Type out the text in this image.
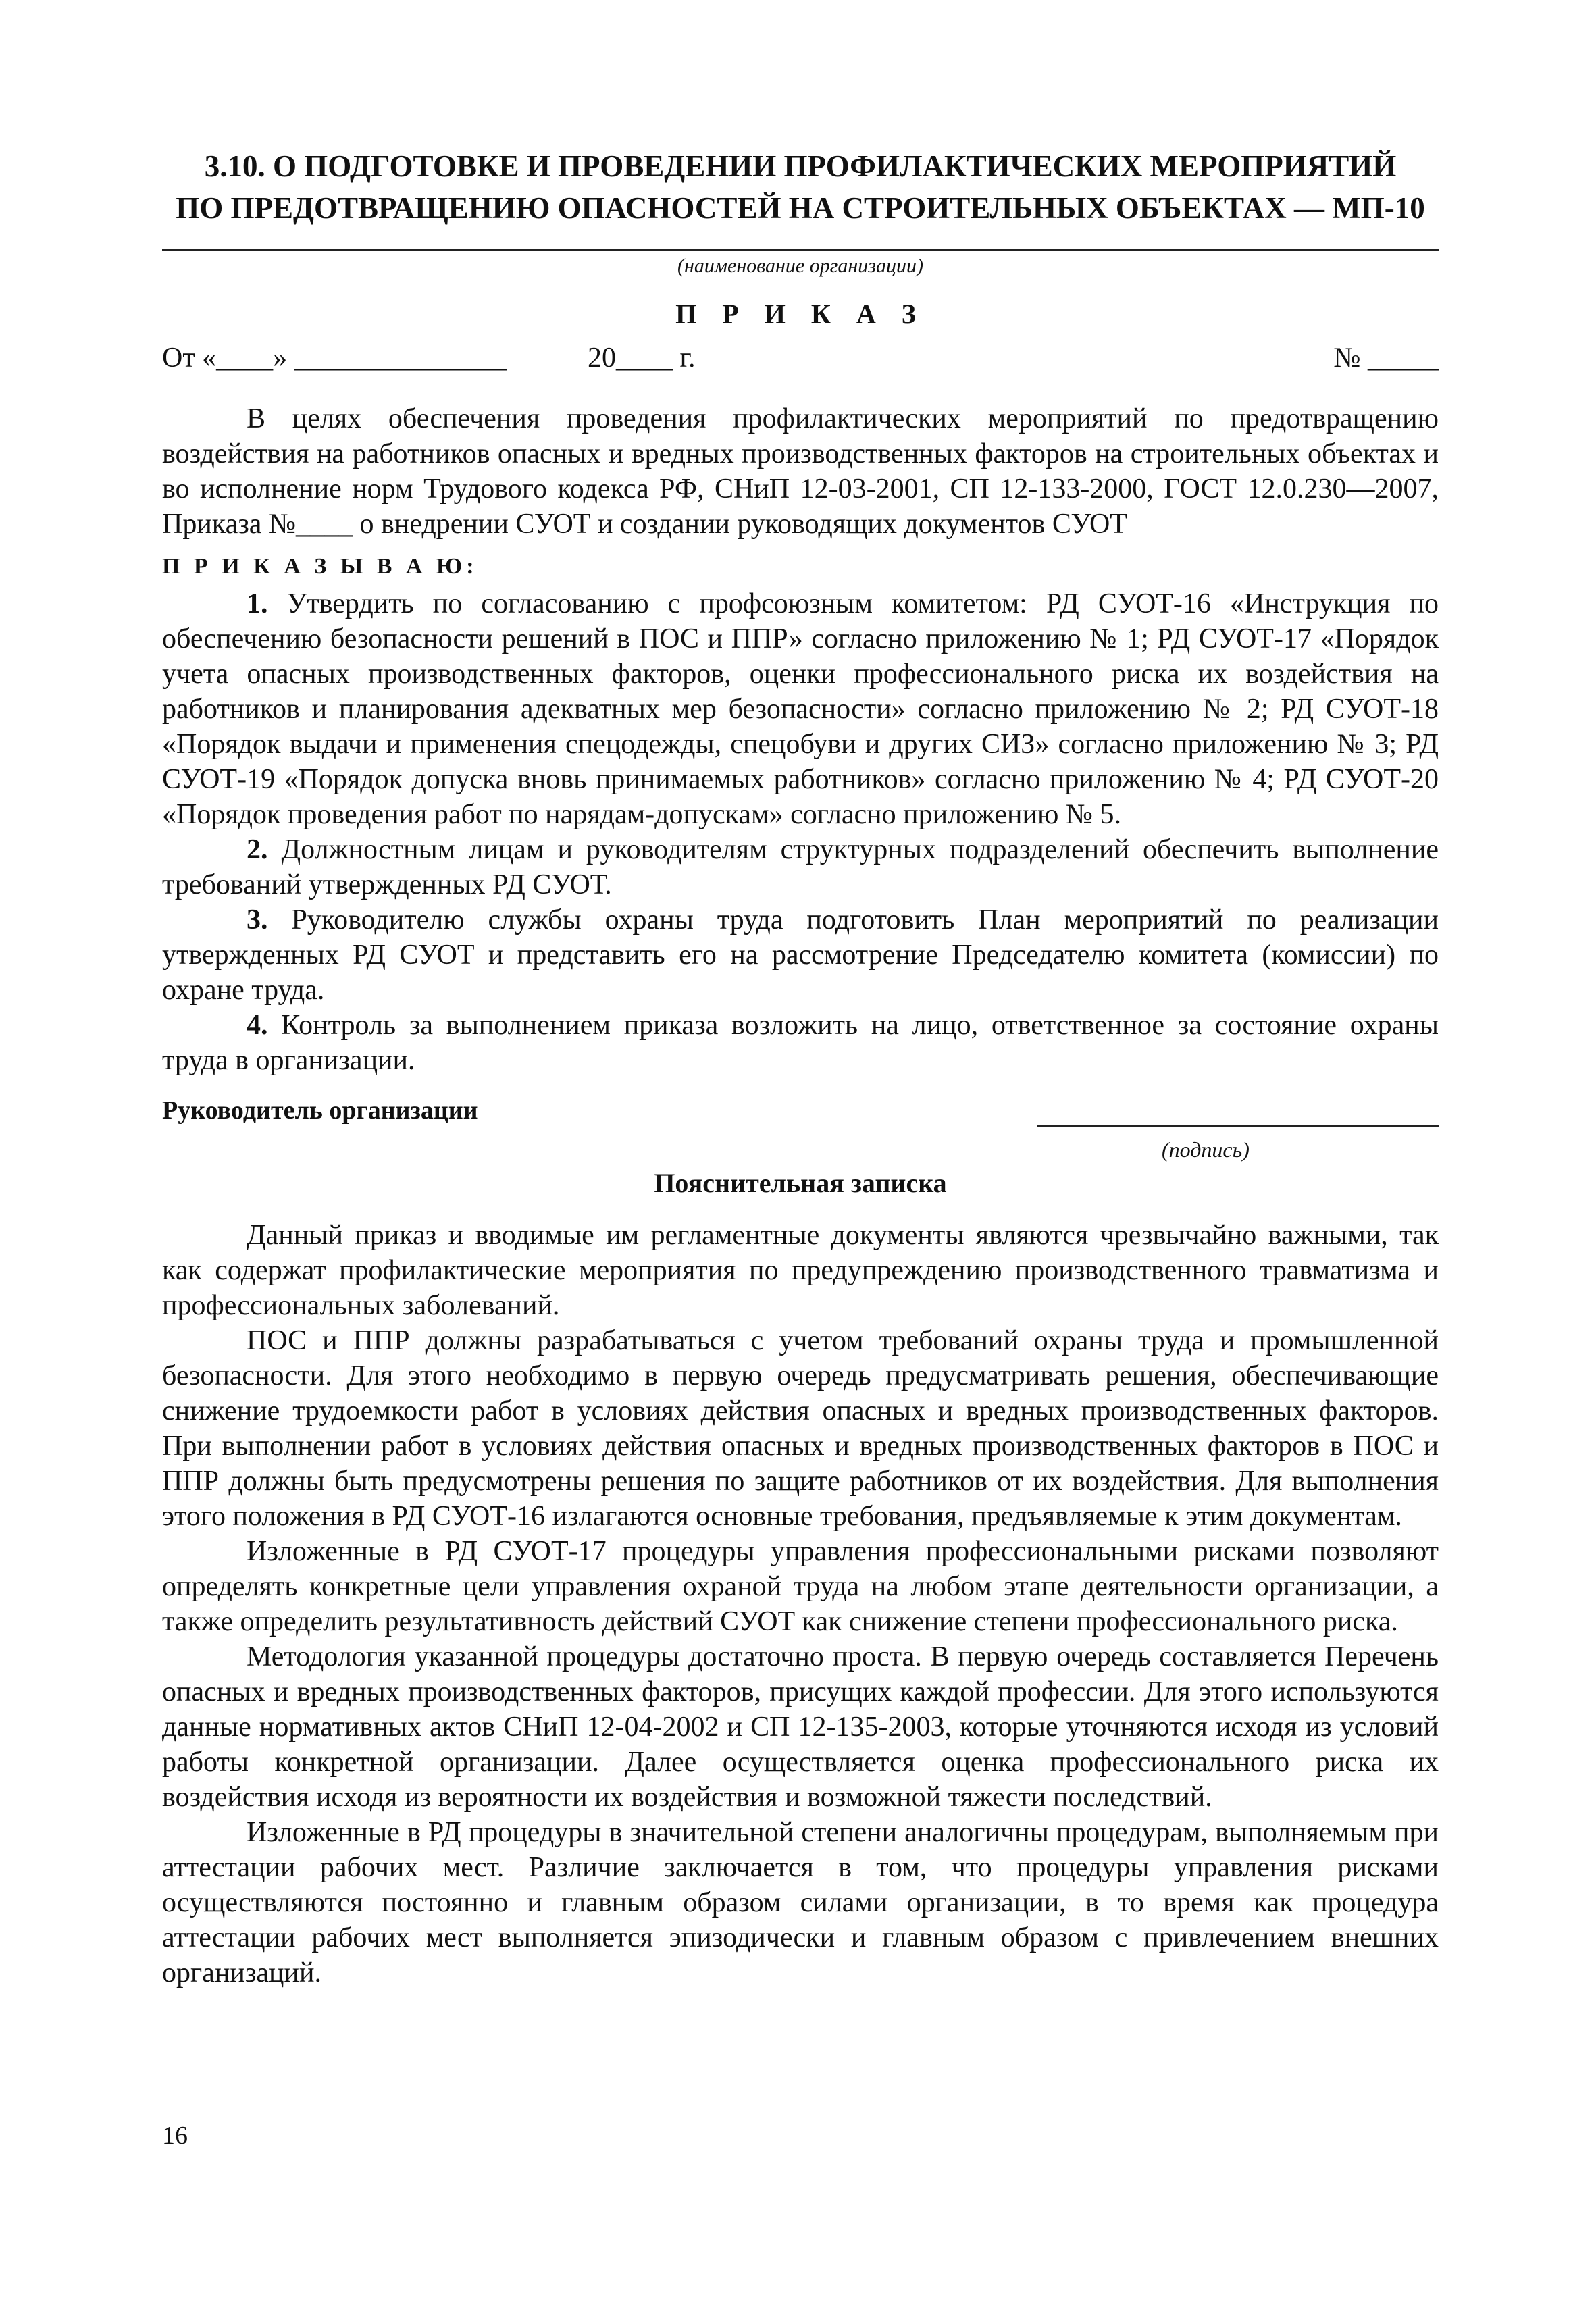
3.10. О ПОДГОТОВКЕ И ПРОВЕДЕНИИ ПРОФИЛАКТИЧЕСКИХ МЕРОПРИЯТИЙ
ПО ПРЕДОТВРАЩЕНИЮ ОПАСНОСТЕЙ НА СТРОИТЕЛЬНЫХ ОБЪЕКТАХ — МП-10
(наименование организации)
П Р И К А З
От «____» _______________	20____ г.	№ _____
В целях обеспечения проведения профилактических мероприятий по предотвращению воздействия на работников опасных и вредных производственных факторов на строительных объектах и во исполнение норм Трудового кодекса РФ, СНиП 12-03-2001, СП 12-133-2000, ГОСТ 12.0.230—2007, Приказа №____ о внедрении СУОТ и создании руководящих документов СУОТ
П Р И К А З Ы В А Ю:

1. Утвердить по согласованию с профсоюзным комитетом: РД СУОТ-16 «Инструкция по обеспечению безопасности решений в ПОС и ППР» согласно приложению № 1; РД СУОТ-17 «Порядок учета опасных производственных факторов, оценки профессионального риска их воздействия на работников и планирования адекватных мер безопасности» согласно приложению № 2; РД СУОТ-18 «Порядок выдачи и применения спецодежды, спецобуви и других СИЗ» согласно приложению № 3; РД СУОТ-19 «Порядок допуска вновь принимаемых работников» согласно приложению № 4; РД СУОТ-20 «Порядок проведения работ по нарядам-допускам» согласно приложению № 5.

2. Должностным лицам и руководителям структурных подразделений обеспечить выполнение требований утвержденных РД СУОТ.

3. Руководителю службы охраны труда подготовить План мероприятий по реализации утвержденных РД СУОТ и представить его на рассмотрение Председателю комитета (комиссии) по охране труда.

4. Контроль за выполнением приказа возложить на лицо, ответственное за состояние охраны труда в организации.

Руководитель организации
(подпись)
Пояснительная записка

Данный приказ и вводимые им регламентные документы являются чрезвычайно важными, так как содержат профилактические мероприятия по предупреждению производственного травматизма и профессиональных заболеваний.

ПОС и ППР должны разрабатываться с учетом требований охраны труда и промышленной безопасности. Для этого необходимо в первую очередь предусматривать решения, обеспечивающие снижение трудоемкости работ в условиях действия опасных и вредных производственных факторов. При выполнении работ в условиях действия опасных и вредных производственных факторов в ПОС и ППР должны быть предусмотрены решения по защите работников от их воздействия. Для выполнения этого положения в РД СУОТ-16 излагаются основные требования, предъявляемые к этим документам.

Изложенные в РД СУОТ-17 процедуры управления профессиональными рисками позволяют определять конкретные цели управления охраной труда на любом этапе деятельности организации, а также определить результативность действий СУОТ как снижение степени профессионального риска.

Методология указанной процедуры достаточно проста. В первую очередь составляется Перечень опасных и вредных производственных факторов, присущих каждой профессии. Для этого используются данные нормативных актов СНиП 12-04-2002 и СП 12-135-2003, которые уточняются исходя из условий работы конкретной организации. Далее осуществляется оценка профессионального риска их воздействия исходя из вероятности их воздействия и возможной тяжести последствий.

Изложенные в РД процедуры в значительной степени аналогичны процедурам, выполняемым при аттестации рабочих мест. Различие заключается в том, что процедуры управления рисками осуществляются постоянно и главным образом силами организации, в то время как процедура аттестации рабочих мест выполняется эпизодически и главным образом с привлечением внешних организаций.

16
